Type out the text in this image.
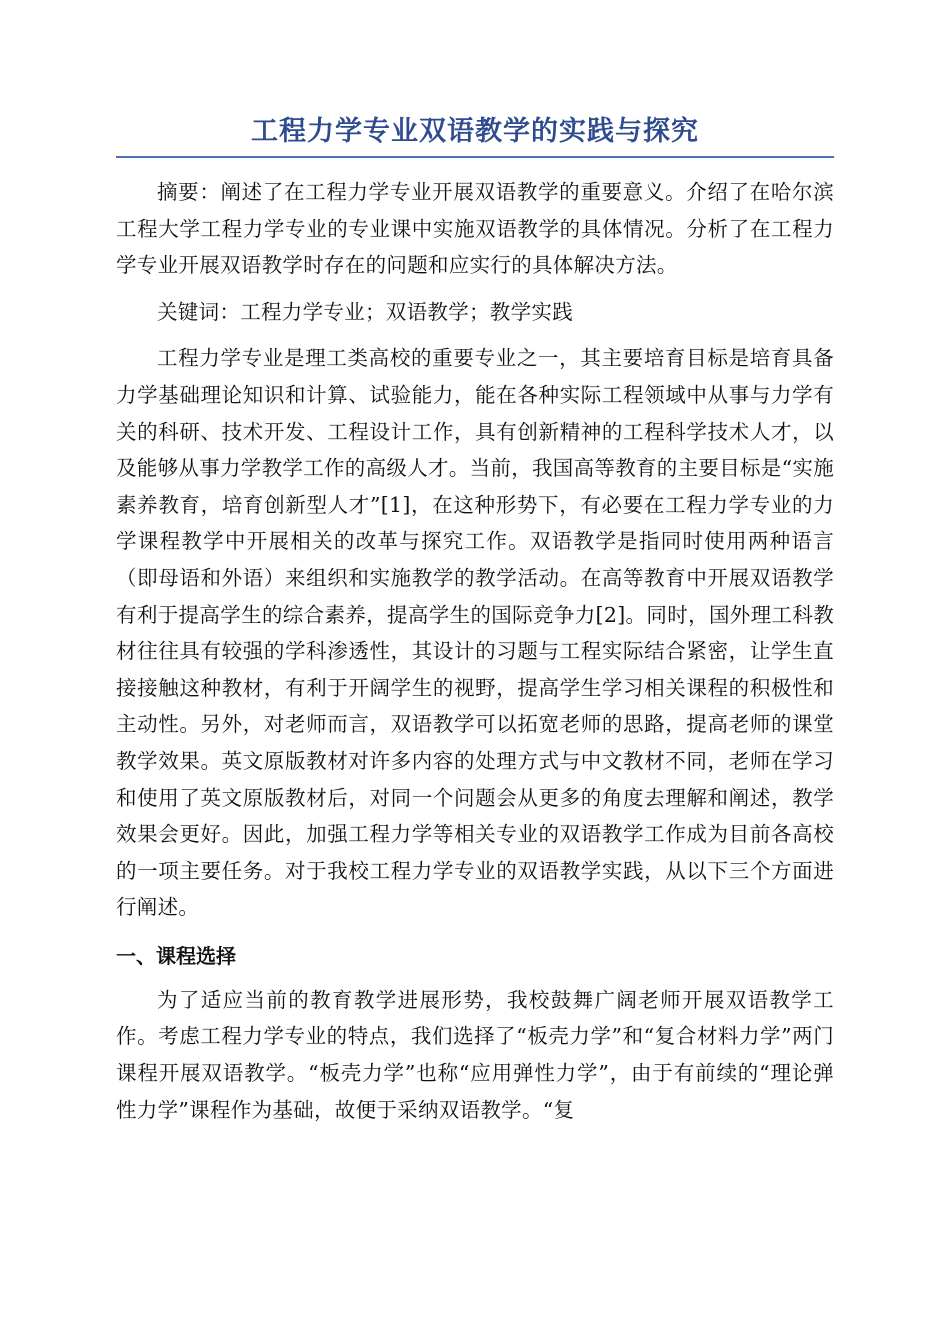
工程力学专业双语教学的实践与探究

摘要：阐述了在工程力学专业开展双语教学的重要意义。介绍了在哈尔滨工程大学工程力学专业的专业课中实施双语教学的具体情况。分析了在工程力学专业开展双语教学时存在的问题和应实行的具体解决方法。

关键词：工程力学专业；双语教学；教学实践

工程力学专业是理工类高校的重要专业之一，其主要培育目标是培育具备力学基础理论知识和计算、试验能力，能在各种实际工程领域中从事与力学有关的科研、技术开发、工程设计工作，具有创新精神的工程科学技术人才，以及能够从事力学教学工作的高级人才。当前，我国高等教育的主要目标是“实施素养教育，培育创新型人才”[1]，在这种形势下，有必要在工程力学专业的力学课程教学中开展相关的改革与探究工作。双语教学是指同时使用两种语言（即母语和外语）来组织和实施教学的教学活动。在高等教育中开展双语教学有利于提高学生的综合素养，提高学生的国际竞争力[2]。同时，国外理工科教材往往具有较强的学科渗透性，其设计的习题与工程实际结合紧密，让学生直接接触这种教材，有利于开阔学生的视野，提高学生学习相关课程的积极性和主动性。另外，对老师而言，双语教学可以拓宽老师的思路，提高老师的课堂教学效果。英文原版教材对许多内容的处理方式与中文教材不同，老师在学习和使用了英文原版教材后，对同一个问题会从更多的角度去理解和阐述，教学效果会更好。因此，加强工程力学等相关专业的双语教学工作成为目前各高校的一项主要任务。对于我校工程力学专业的双语教学实践，从以下三个方面进行阐述。

一、课程选择

为了适应当前的教育教学进展形势，我校鼓舞广阔老师开展双语教学工作。考虑工程力学专业的特点，我们选择了“板壳力学”和“复合材料力学”两门课程开展双语教学。“板壳力学”也称“应用弹性力学”，由于有前续的“理论弹性力学”课程作为基础，故便于采纳双语教学。“复
